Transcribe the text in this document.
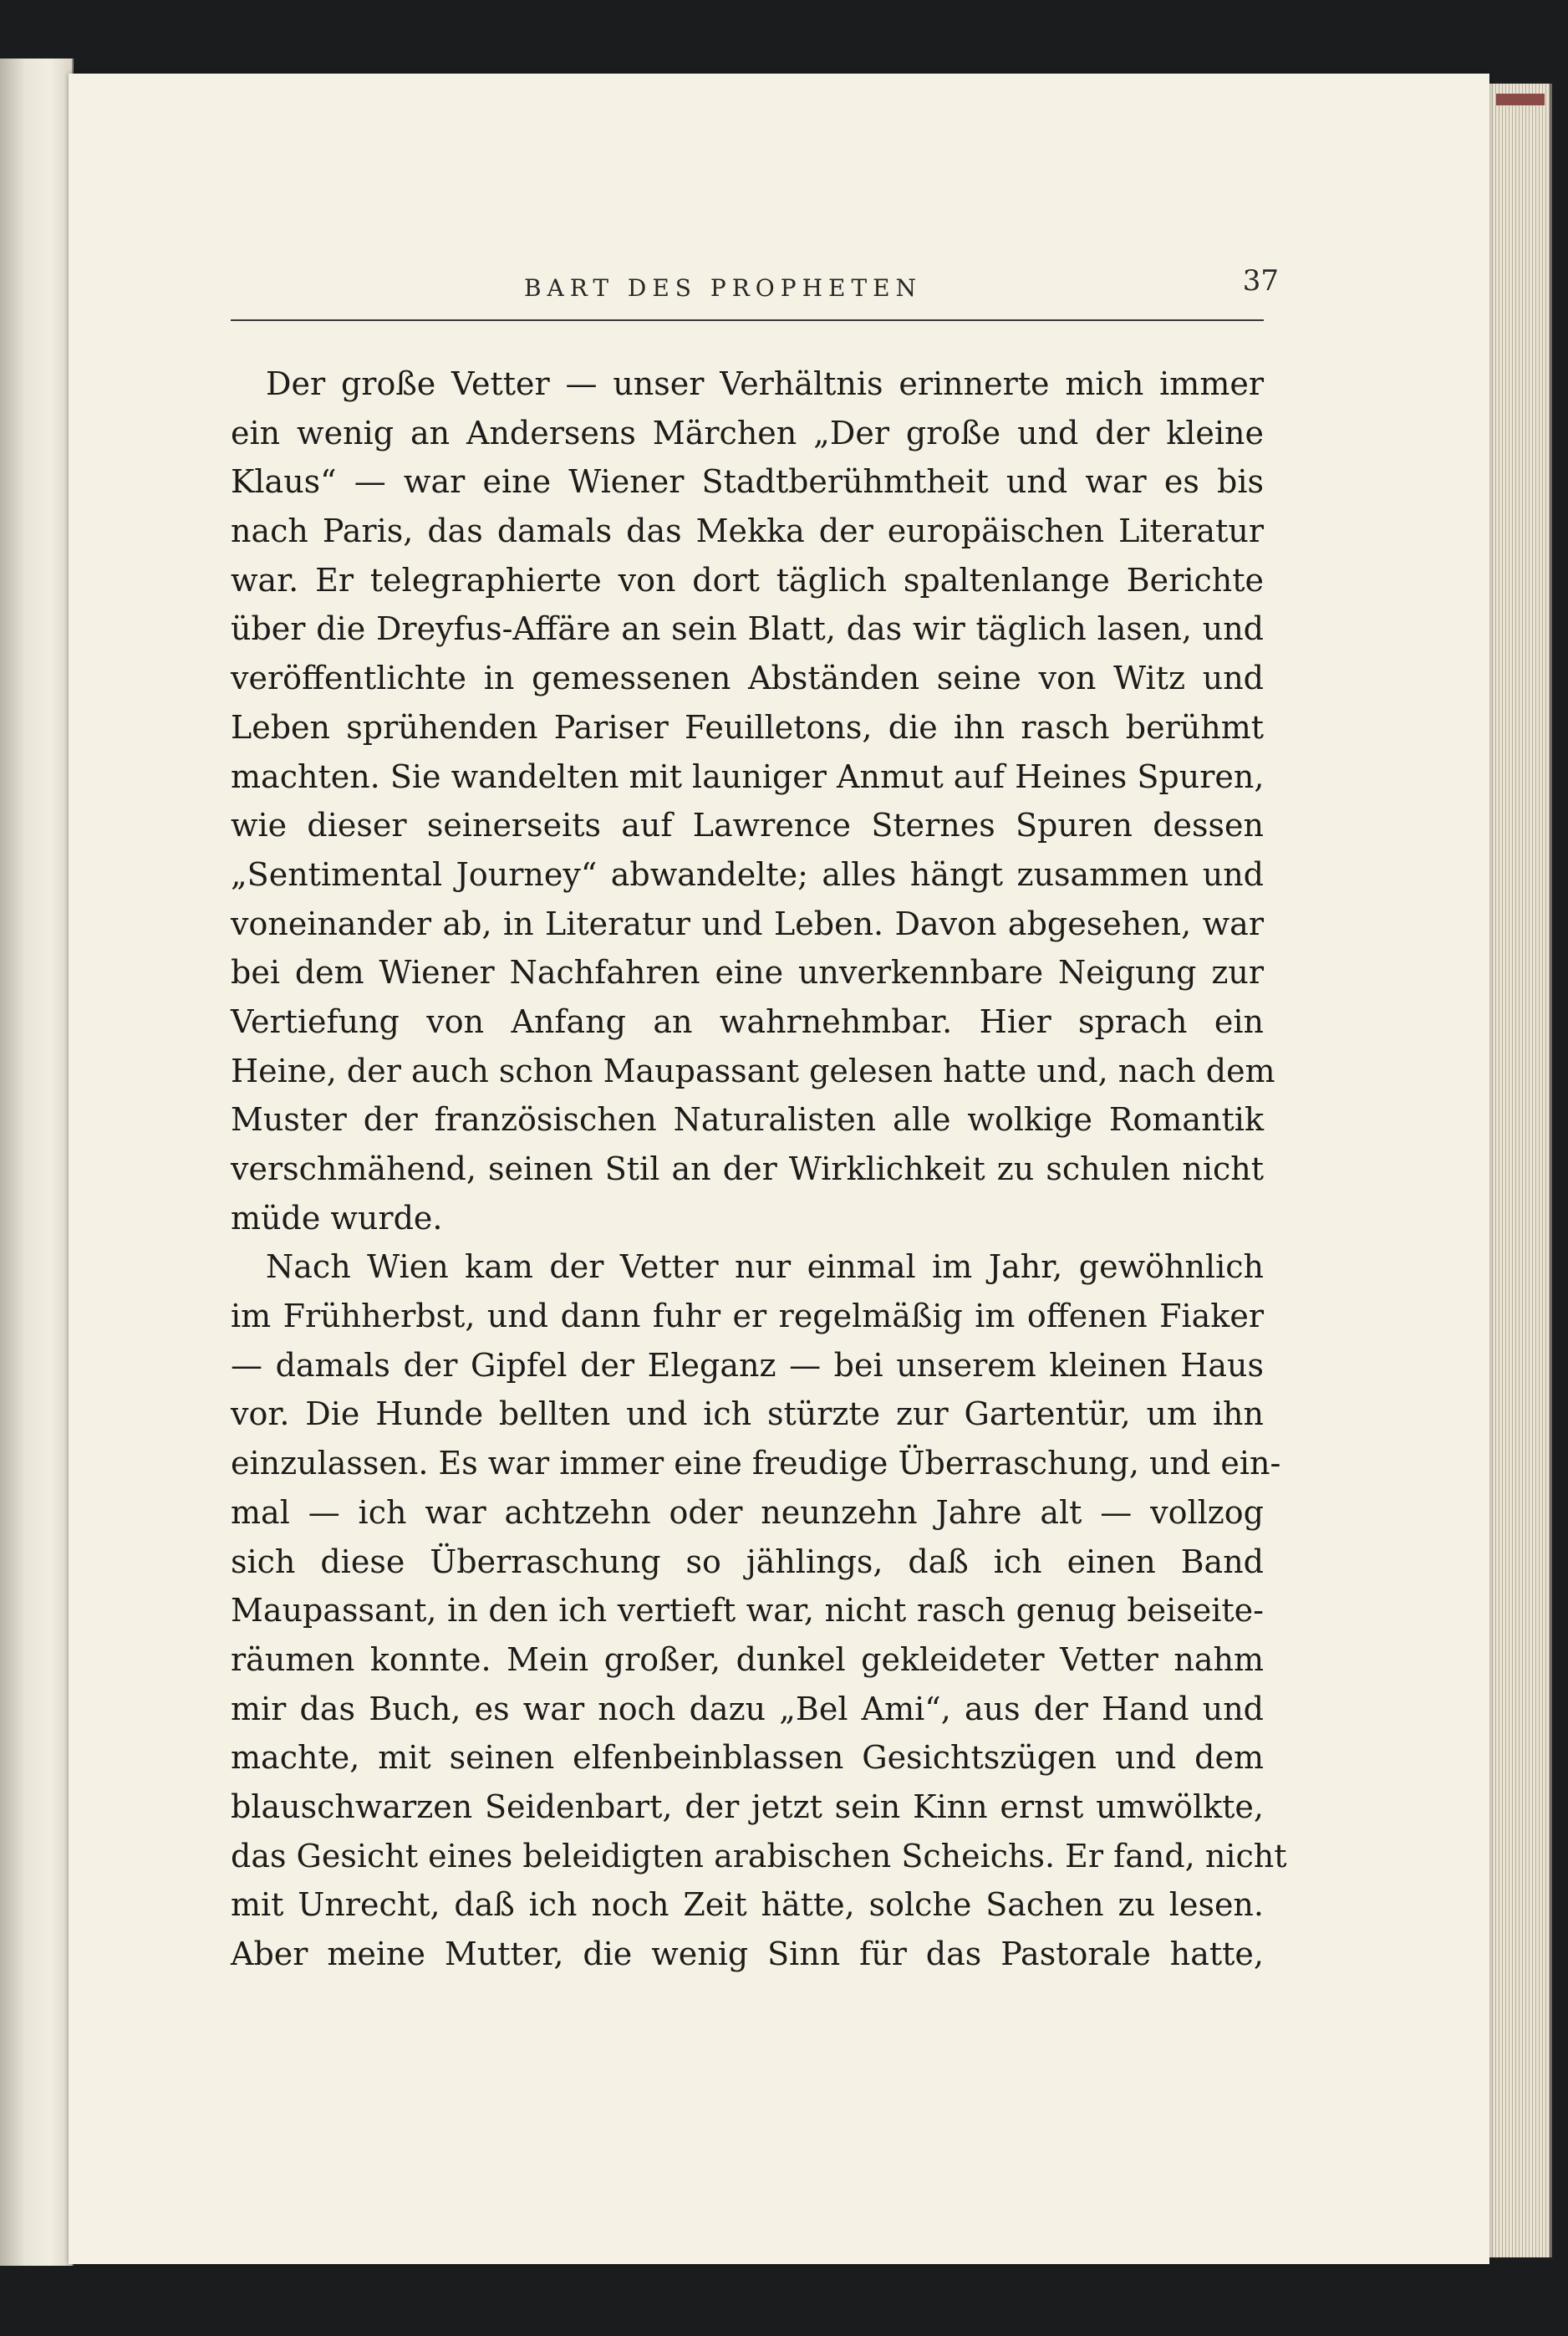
BART DES PROPHETEN	37
Der große Vetter — unser Verhältnis erinnerte mich immer
ein wenig an Andersens Märchen „Der große und der kleine
Klaus“ — war eine Wiener Stadtberühmtheit und war es bis
nach Paris, das damals das Mekka der europäischen Literatur
war. Er telegraphierte von dort täglich spaltenlange Berichte
über die Dreyfus-Affäre an sein Blatt, das wir täglich lasen, und
veröffentlichte in gemessenen Abständen seine von Witz und
Leben sprühenden Pariser Feuilletons, die ihn rasch berühmt
machten. Sie wandelten mit launiger Anmut auf Heines Spuren,
wie dieser seinerseits auf Lawrence Sternes Spuren dessen
„Sentimental Journey“ abwandelte; alles hängt zusammen und
voneinander ab, in Literatur und Leben. Davon abgesehen, war
bei dem Wiener Nachfahren eine unverkennbare Neigung zur
Vertiefung von Anfang an wahrnehmbar. Hier sprach ein
Heine, der auch schon Maupassant gelesen hatte und, nach dem
Muster der französischen Naturalisten alle wolkige Romantik
verschmähend, seinen Stil an der Wirklichkeit zu schulen nicht
müde wurde.
Nach Wien kam der Vetter nur einmal im Jahr, gewöhnlich
im Frühherbst, und dann fuhr er regelmäßig im offenen Fiaker
— damals der Gipfel der Eleganz — bei unserem kleinen Haus
vor. Die Hunde bellten und ich stürzte zur Gartentür, um ihn
einzulassen. Es war immer eine freudige Überraschung, und ein-
mal — ich war achtzehn oder neunzehn Jahre alt — vollzog
sich diese Überraschung so jählings, daß ich einen Band
Maupassant, in den ich vertieft war, nicht rasch genug beiseite-
räumen konnte. Mein großer, dunkel gekleideter Vetter nahm
mir das Buch, es war noch dazu „Bel Ami“, aus der Hand und
machte, mit seinen elfenbeinblassen Gesichtszügen und dem
blauschwarzen Seidenbart, der jetzt sein Kinn ernst umwölkte,
das Gesicht eines beleidigten arabischen Scheichs. Er fand, nicht
mit Unrecht, daß ich noch Zeit hätte, solche Sachen zu lesen.
Aber meine Mutter, die wenig Sinn für das Pastorale hatte,
